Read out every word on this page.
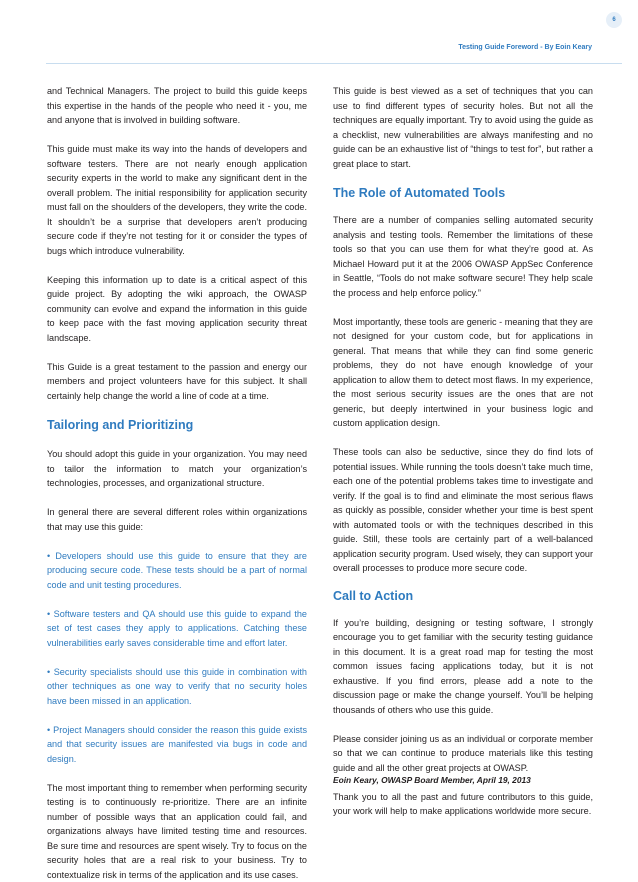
6
Testing Guide Foreword - By Eoin Keary

and Technical Managers. The project to build this guide keeps this expertise in the hands of the people who need it - you, me and anyone that is involved in building software.

This guide must make its way into the hands of developers and software testers. There are not nearly enough application security experts in the world to make any significant dent in the overall problem. The initial responsibility for application security must fall on the shoulders of the developers, they write the code. It shouldn’t be a surprise that developers aren’t producing secure code if they’re not testing for it or consider the types of bugs which introduce vulnerability.

Keeping this information up to date is a critical aspect of this guide project. By adopting the wiki approach, the OWASP community can evolve and expand the information in this guide to keep pace with the fast moving application security threat landscape.

This Guide is a great testament to the passion and energy our members and project volunteers have for this subject. It shall certainly help change the world a line of code at a time.

Tailoring and Prioritizing

You should adopt this guide in your organization. You may need to tailor the information to match your organization’s technologies, processes, and organizational structure.

In general there are several different roles within organizations that may use this guide:

• Developers should use this guide to ensure that they are producing secure code. These tests should be a part of normal code and unit testing procedures.

• Software testers and QA should use this guide to expand the set of test cases they apply to applications. Catching these vulnerabilities early saves considerable time and effort later.

• Security specialists should use this guide in combination with other techniques as one way to verify that no security holes have been missed in an application.

• Project Managers should consider the reason this guide exists and that security issues are manifested via bugs in code and design.

The most important thing to remember when performing security testing is to continuously re-prioritize. There are an infinite number of possible ways that an application could fail, and organizations always have limited testing time and resources. Be sure time and resources are spent wisely. Try to focus on the security holes that are a real risk to your business. Try to contextualize risk in terms of the application and its use cases.

This guide is best viewed as a set of techniques that you can use to find different types of security holes. But not all the techniques are equally important. Try to avoid using the guide as a checklist, new vulnerabilities are always manifesting and no guide can be an exhaustive list of “things to test for”, but rather a great place to start.

The Role of Automated Tools

There are a number of companies selling automated security analysis and testing tools. Remember the limitations of these tools so that you can use them for what they’re good at. As Michael Howard put it at the 2006 OWASP AppSec Conference in Seattle, “Tools do not make software secure! They help scale the process and help enforce policy.”

Most importantly, these tools are generic - meaning that they are not designed for your custom code, but for applications in general. That means that while they can find some generic problems, they do not have enough knowledge of your application to allow them to detect most flaws. In my experience, the most serious security issues are the ones that are not generic, but deeply intertwined in your business logic and custom application design.

These tools can also be seductive, since they do find lots of potential issues. While running the tools doesn’t take much time, each one of the potential problems takes time to investigate and verify. If the goal is to find and eliminate the most serious flaws as quickly as possible, consider whether your time is best spent with automated tools or with the techniques described in this guide. Still, these tools are certainly part of a well-balanced application security program. Used wisely, they can support your overall processes to produce more secure code.

Call to Action

If you’re building, designing or testing software, I strongly encourage you to get familiar with the security testing guidance in this document. It is a great road map for testing the most common issues facing applications today, but it is not exhaustive. If you find errors, please add a note to the discussion page or make the change yourself. You’ll be helping thousands of others who use this guide.

Please consider joining us as an individual or corporate member so that we can continue to produce materials like this testing guide and all the other great projects at OWASP.

Thank you to all the past and future contributors to this guide, your work will help to make applications worldwide more secure.

Eoin Keary, OWASP Board Member, April 19, 2013
